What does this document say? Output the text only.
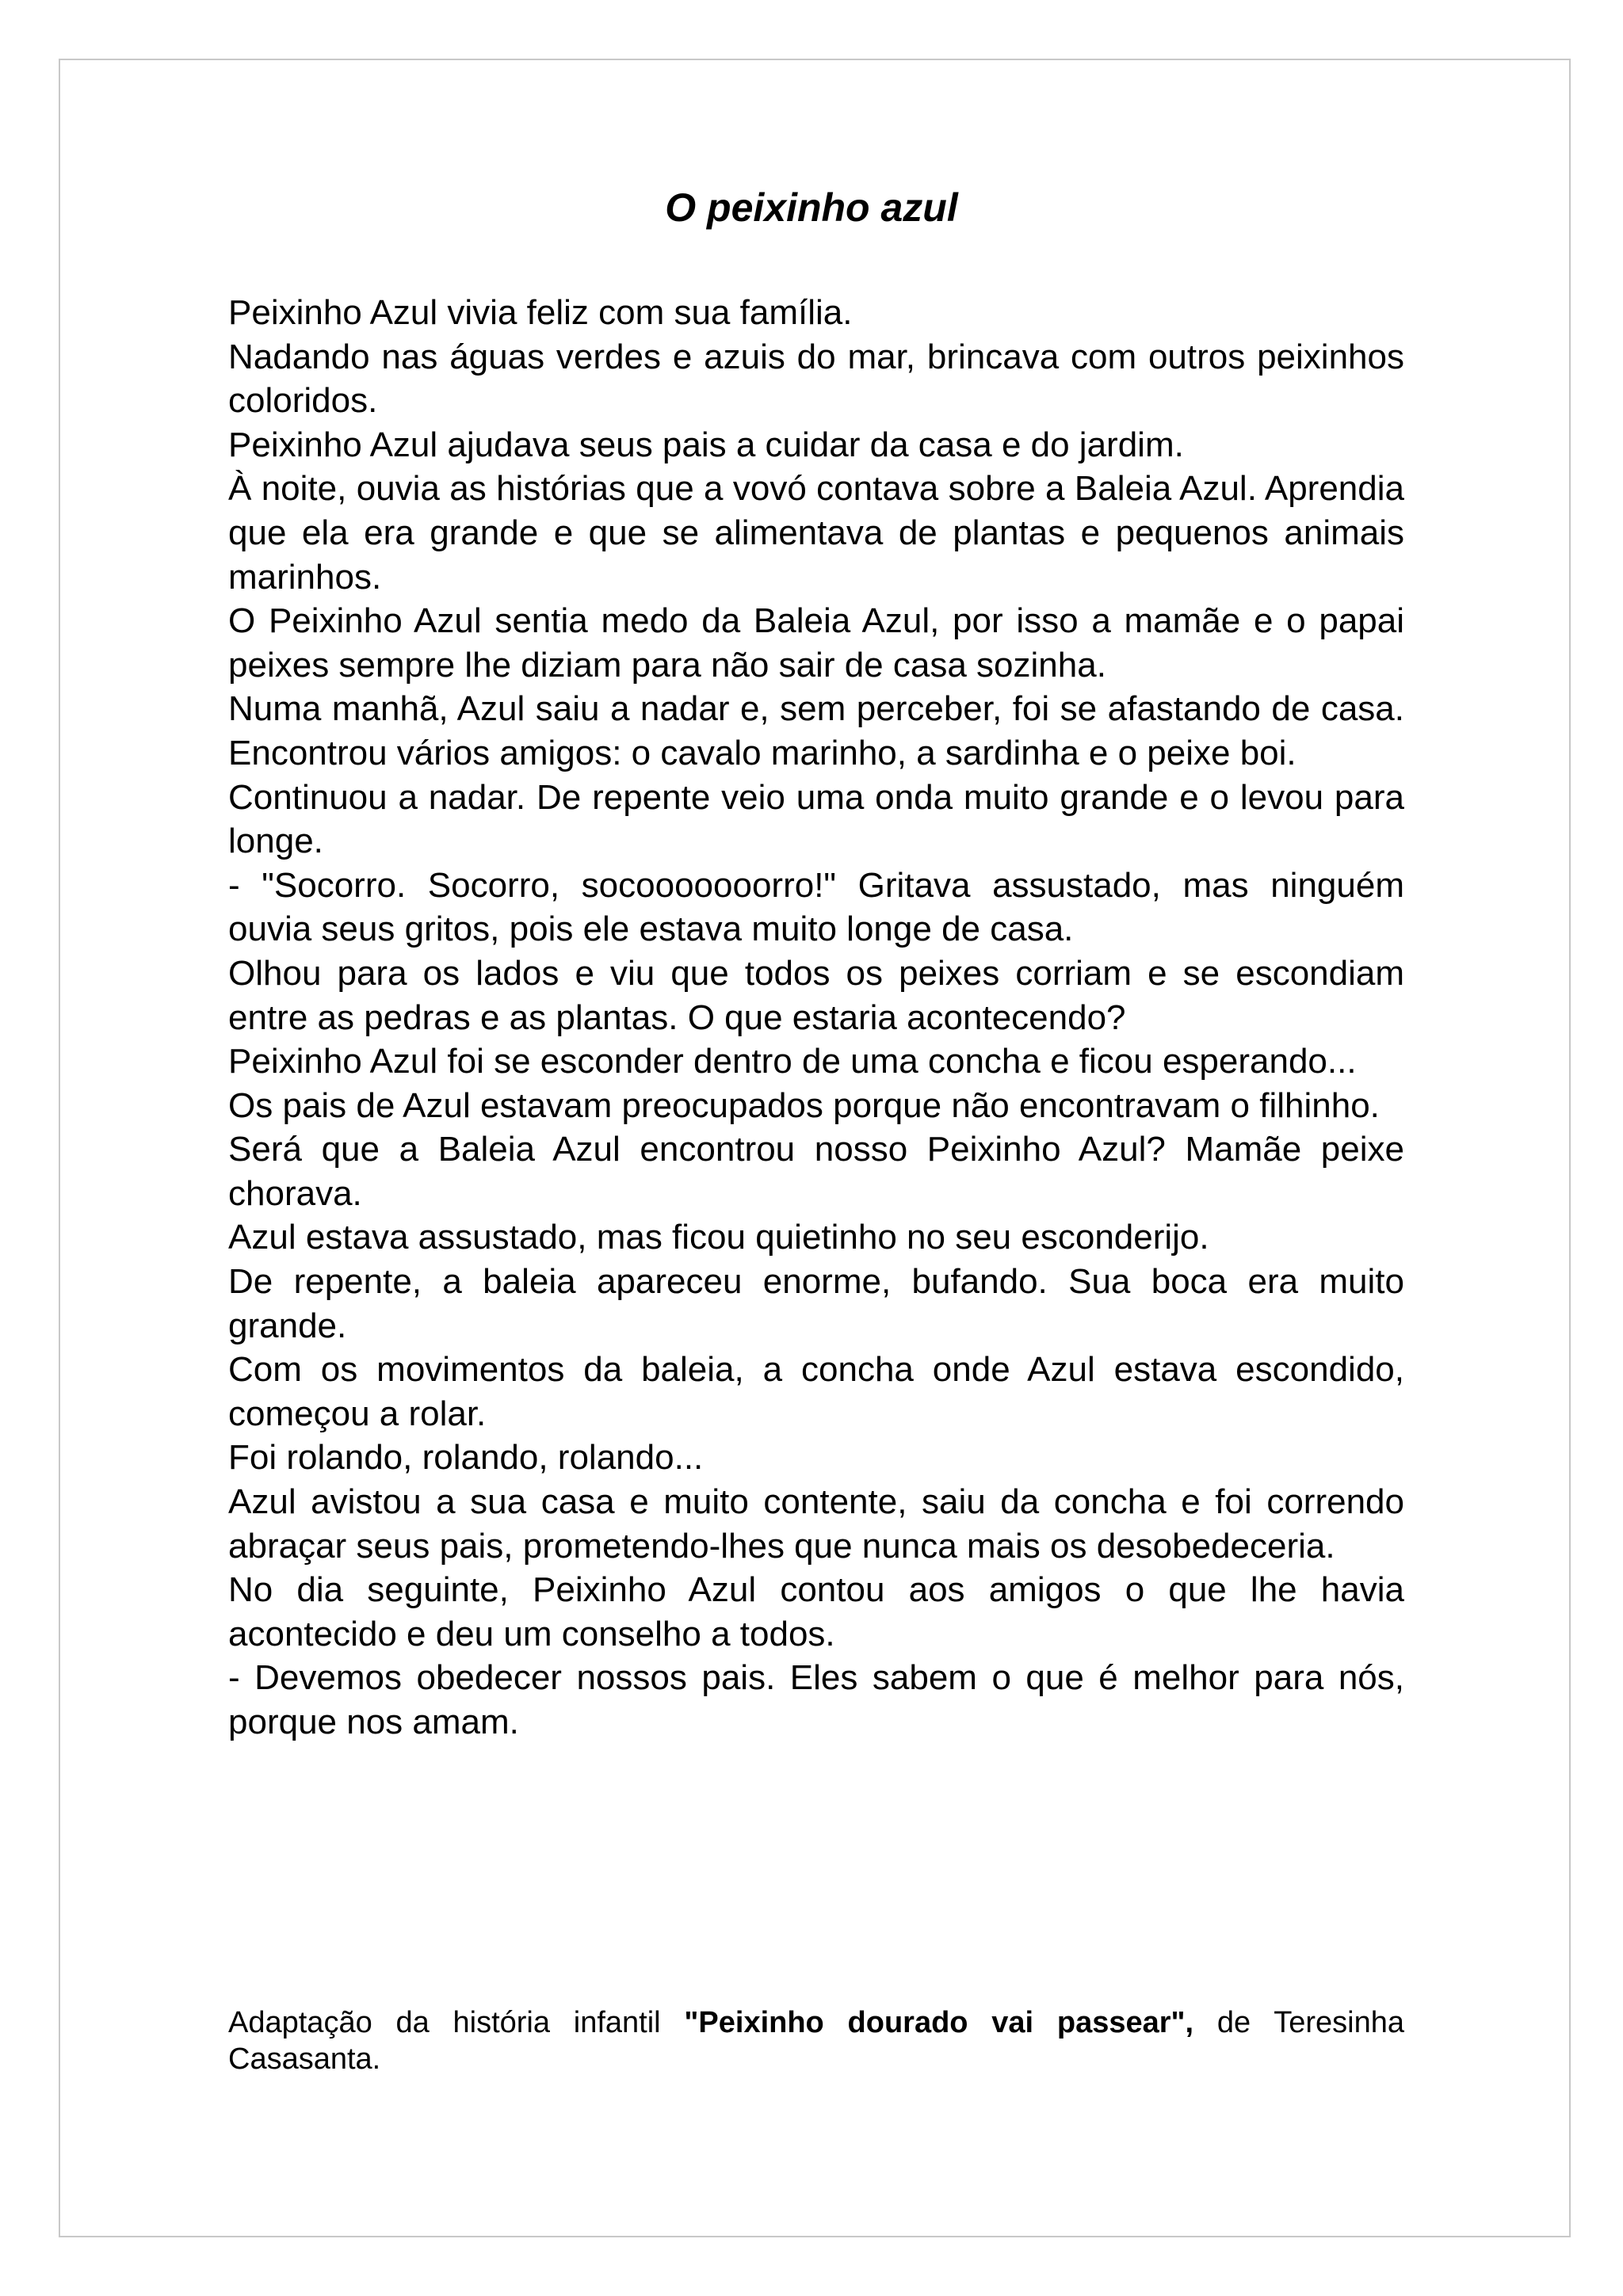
O peixinho azul

Peixinho Azul vivia feliz com sua família.

Nadando nas águas verdes e azuis do mar, brincava com outros peixinhos coloridos.

Peixinho Azul ajudava seus pais a cuidar da casa e do jardim.

À noite, ouvia as histórias que a vovó contava sobre a Baleia Azul. Aprendia que ela era grande e que se alimentava de plantas e pequenos animais marinhos.

O Peixinho Azul sentia medo da Baleia Azul, por isso a mamãe e o papai peixes sempre lhe diziam para não sair de casa sozinha.

Numa manhã, Azul saiu a nadar e, sem perceber, foi se afastando de casa. Encontrou vários amigos: o cavalo marinho, a sardinha e o peixe boi.

Continuou a nadar. De repente veio uma onda muito grande e o levou para longe.

- "Socorro. Socorro, socooooooorro!" Gritava assustado, mas ninguém ouvia seus gritos, pois ele estava muito longe de casa.

Olhou para os lados e viu que todos os peixes corriam e se escondiam entre as pedras e as plantas. O que estaria acontecendo?

Peixinho Azul foi se esconder dentro de uma concha e ficou esperando...

Os pais de Azul estavam preocupados porque não encontravam o filhinho.

Será que a Baleia Azul encontrou nosso Peixinho Azul? Mamãe peixe chorava.

Azul estava assustado, mas ficou quietinho no seu esconderijo.

De repente, a baleia apareceu enorme, bufando. Sua boca era muito grande.

Com os movimentos da baleia, a concha onde Azul estava escondido, começou a rolar.

Foi rolando, rolando, rolando...

Azul avistou a sua casa e muito contente, saiu da concha e foi correndo abraçar seus pais, prometendo-lhes que nunca mais os desobedeceria.

No dia seguinte, Peixinho Azul contou aos amigos o que lhe havia acontecido e deu um conselho a todos.

- Devemos obedecer nossos pais. Eles sabem o que é melhor para nós, porque nos amam.

Adaptação da história infantil "Peixinho dourado vai passear", de Teresinha Casasanta.
